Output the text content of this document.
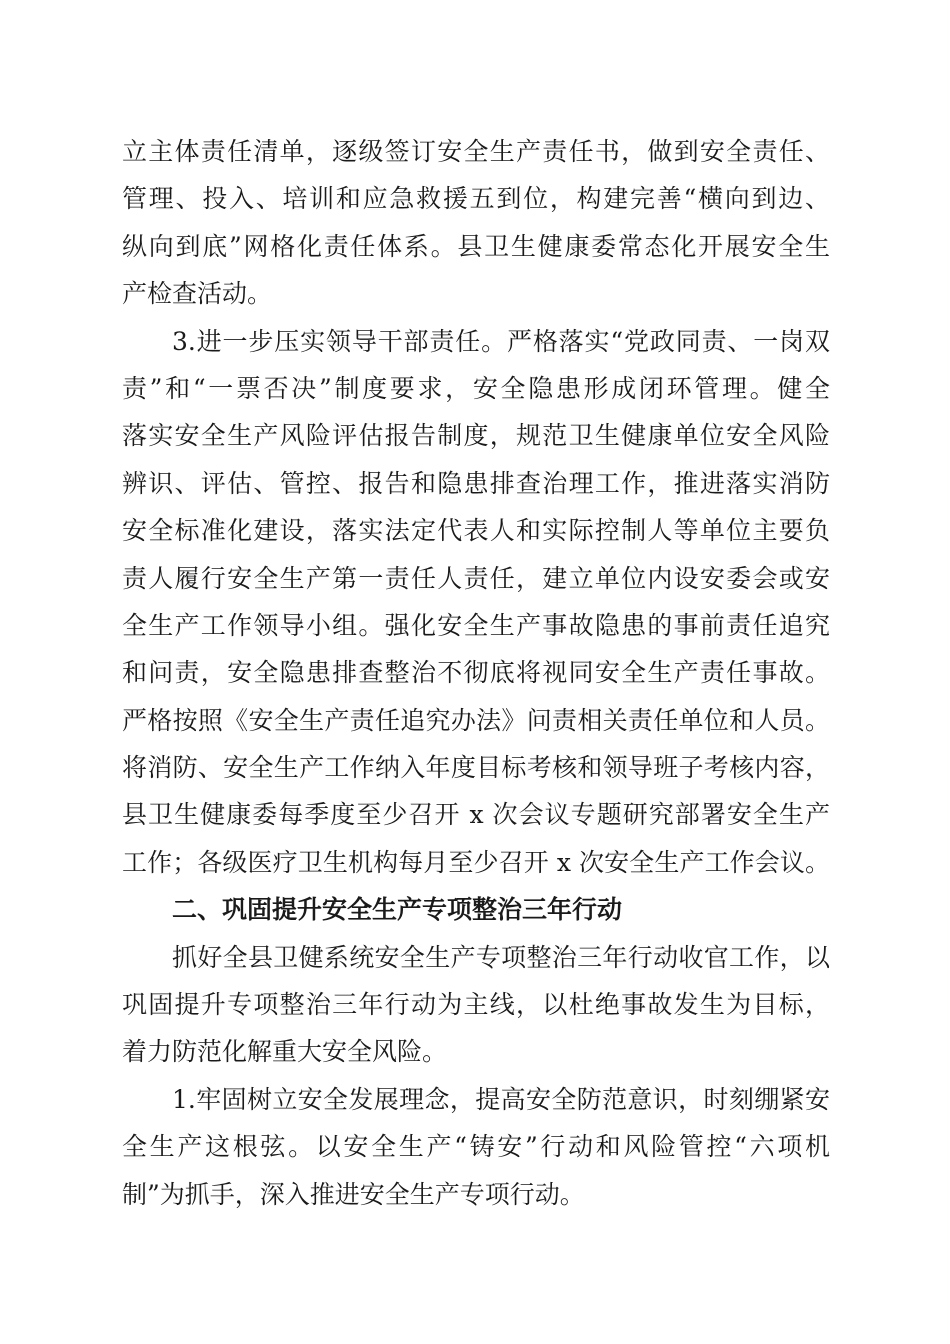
立主体责任清单，逐级签订安全生产责任书，做到安全责任、
管理、投入、培训和应急救援五到位，构建完善“横向到边、
纵向到底”网格化责任体系。县卫生健康委常态化开展安全生
产检查活动。
3.进一步压实领导干部责任。严格落实“党政同责、一岗双
责”和“一票否决”制度要求，安全隐患形成闭环管理。健全
落实安全生产风险评估报告制度，规范卫生健康单位安全风险
辨识、评估、管控、报告和隐患排查治理工作，推进落实消防
安全标准化建设，落实法定代表人和实际控制人等单位主要负
责人履行安全生产第一责任人责任，建立单位内设安委会或安
全生产工作领导小组。强化安全生产事故隐患的事前责任追究
和问责，安全隐患排查整治不彻底将视同安全生产责任事故。
严格按照《安全生产责任追究办法》问责相关责任单位和人员。
将消防、安全生产工作纳入年度目标考核和领导班子考核内容，
县卫生健康委每季度至少召开 x 次会议专题研究部署安全生产
工作；各级医疗卫生机构每月至少召开 x 次安全生产工作会议。
二、巩固提升安全生产专项整治三年行动
抓好全县卫健系统安全生产专项整治三年行动收官工作，以
巩固提升专项整治三年行动为主线，以杜绝事故发生为目标，
着力防范化解重大安全风险。
1.牢固树立安全发展理念，提高安全防范意识，时刻绷紧安
全生产这根弦。以安全生产“铸安”行动和风险管控“六项机
制”为抓手，深入推进安全生产专项行动。
